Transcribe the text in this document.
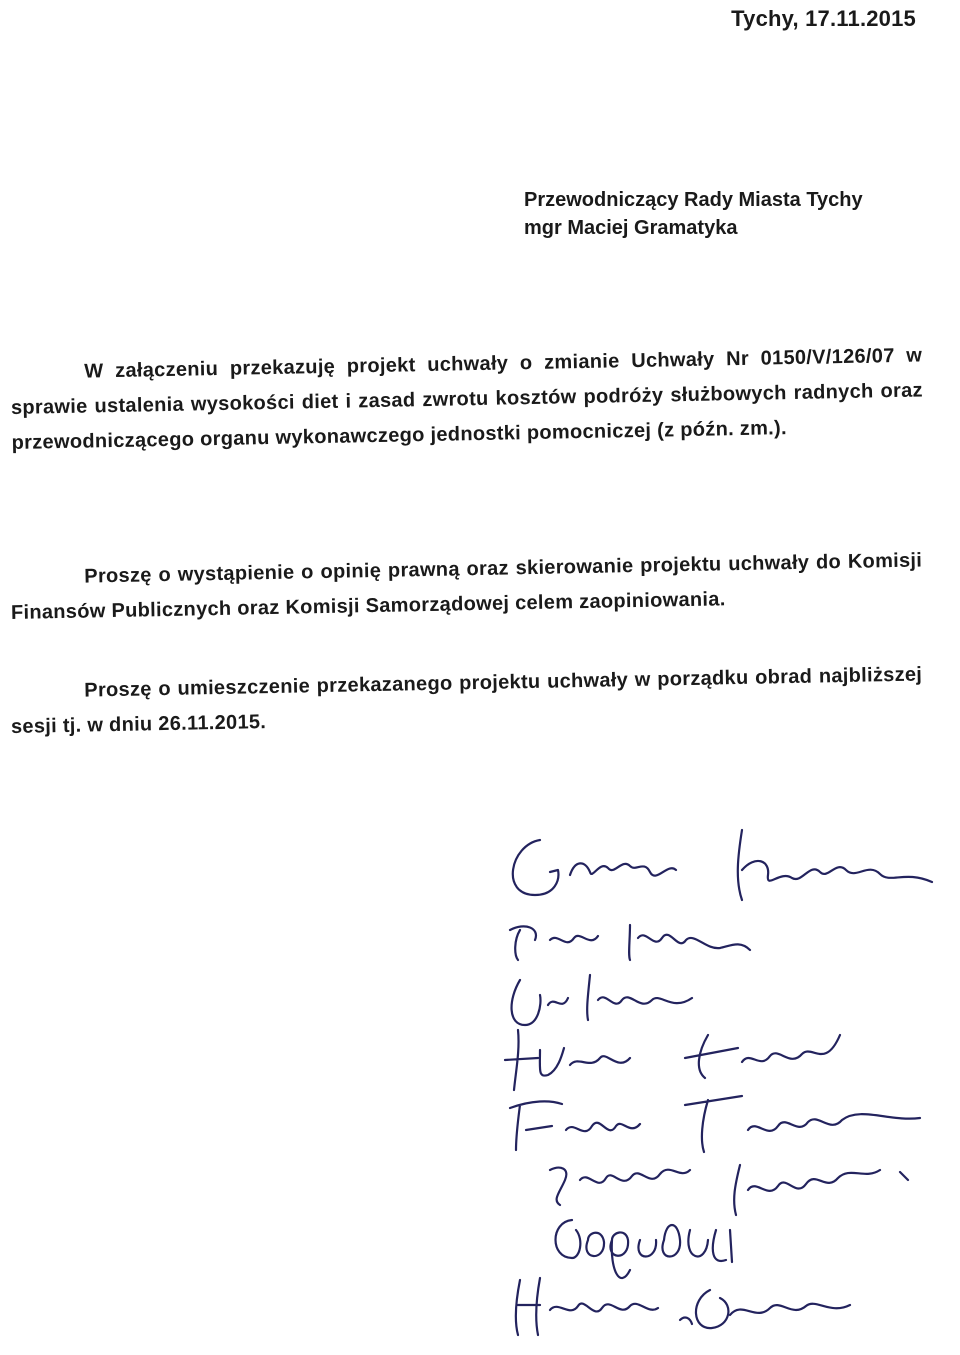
Tychy, 17.11.2015
Przewodniczący Rady Miasta Tychy
mgr Maciej Gramatyka
W załączeniu przekazuję projekt uchwały o zmianie Uchwały Nr 0150/V/126/07 w sprawie ustalenia wysokości diet i zasad zwrotu kosztów podróży służbowych radnych oraz przewodniczącego organu wykonawczego jednostki pomocniczej (z późn. zm.).
Proszę o wystąpienie o opinię prawną oraz skierowanie projektu uchwały do Komisji Finansów Publicznych oraz Komisji Samorządowej celem zaopiniowania.
Proszę o umieszczenie przekazanego projektu uchwały w porządku obrad najbliższej sesji tj. w dniu 26.11.2015.
